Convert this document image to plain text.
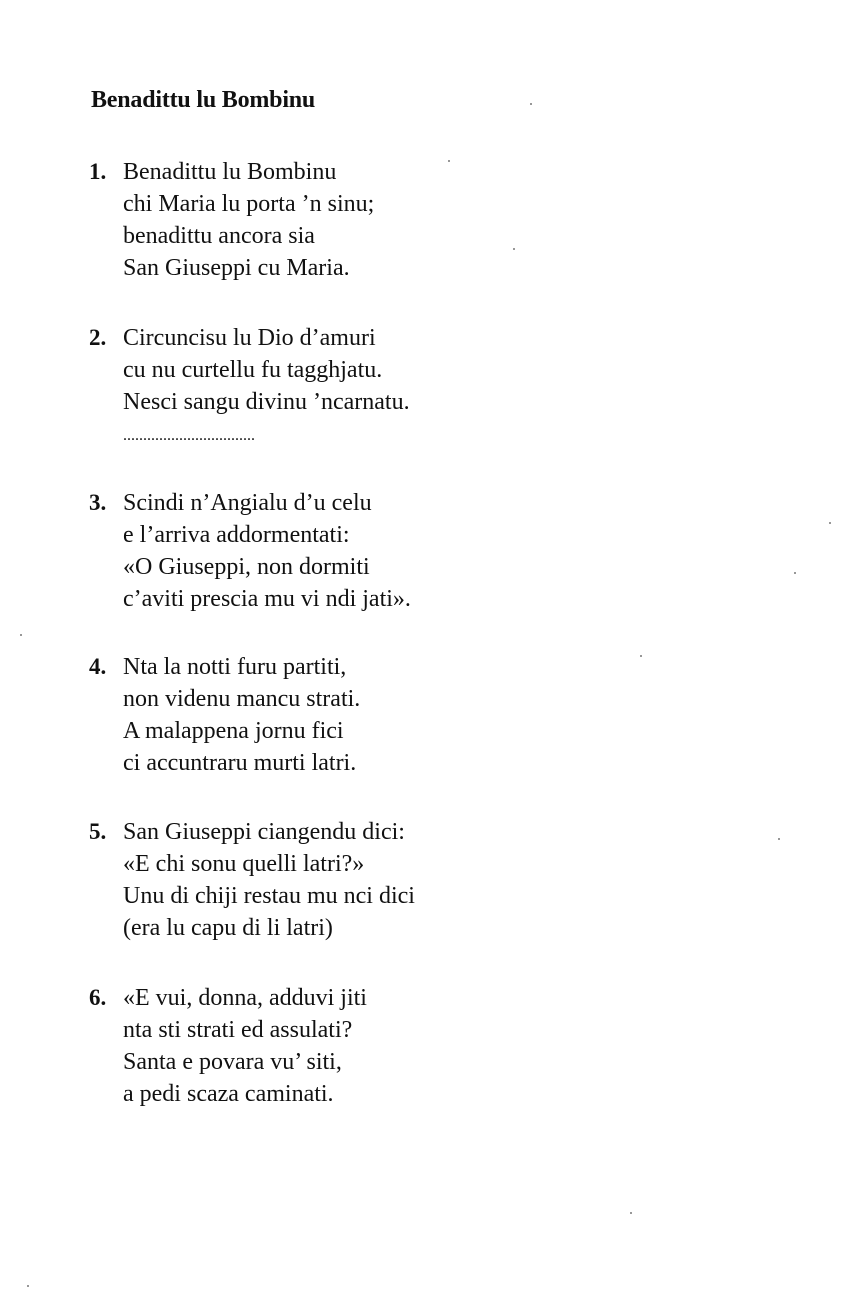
Benadittu lu Bombinu
1. Benadittu lu Bombinu
chi Maria lu porta ’n sinu;
benadittu ancora sia
San Giuseppi cu Maria.
2. Circuncisu lu Dio d’amuri
cu nu curtellu fu tagghjatu.
Nesci sangu divinu ’ncarnatu.
.................................
3. Scindi n’Angialu d’u celu
e l’arriva addormentati:
«O Giuseppi, non dormiti
c’aviti prescia mu vi ndi jati».
4. Nta la notti furu partiti,
non videnu mancu strati.
A malappena jornu fici
ci accuntraru murti latri.
5. San Giuseppi ciangendu dici:
«E chi sonu quelli latri?»
Unu di chiji restau mu nci dici
(era lu capu di li latri)
6. «E vui, donna, adduvi jiti
nta sti strati ed assulati?
Santa e povara vu’ siti,
a pedi scaza caminati.
